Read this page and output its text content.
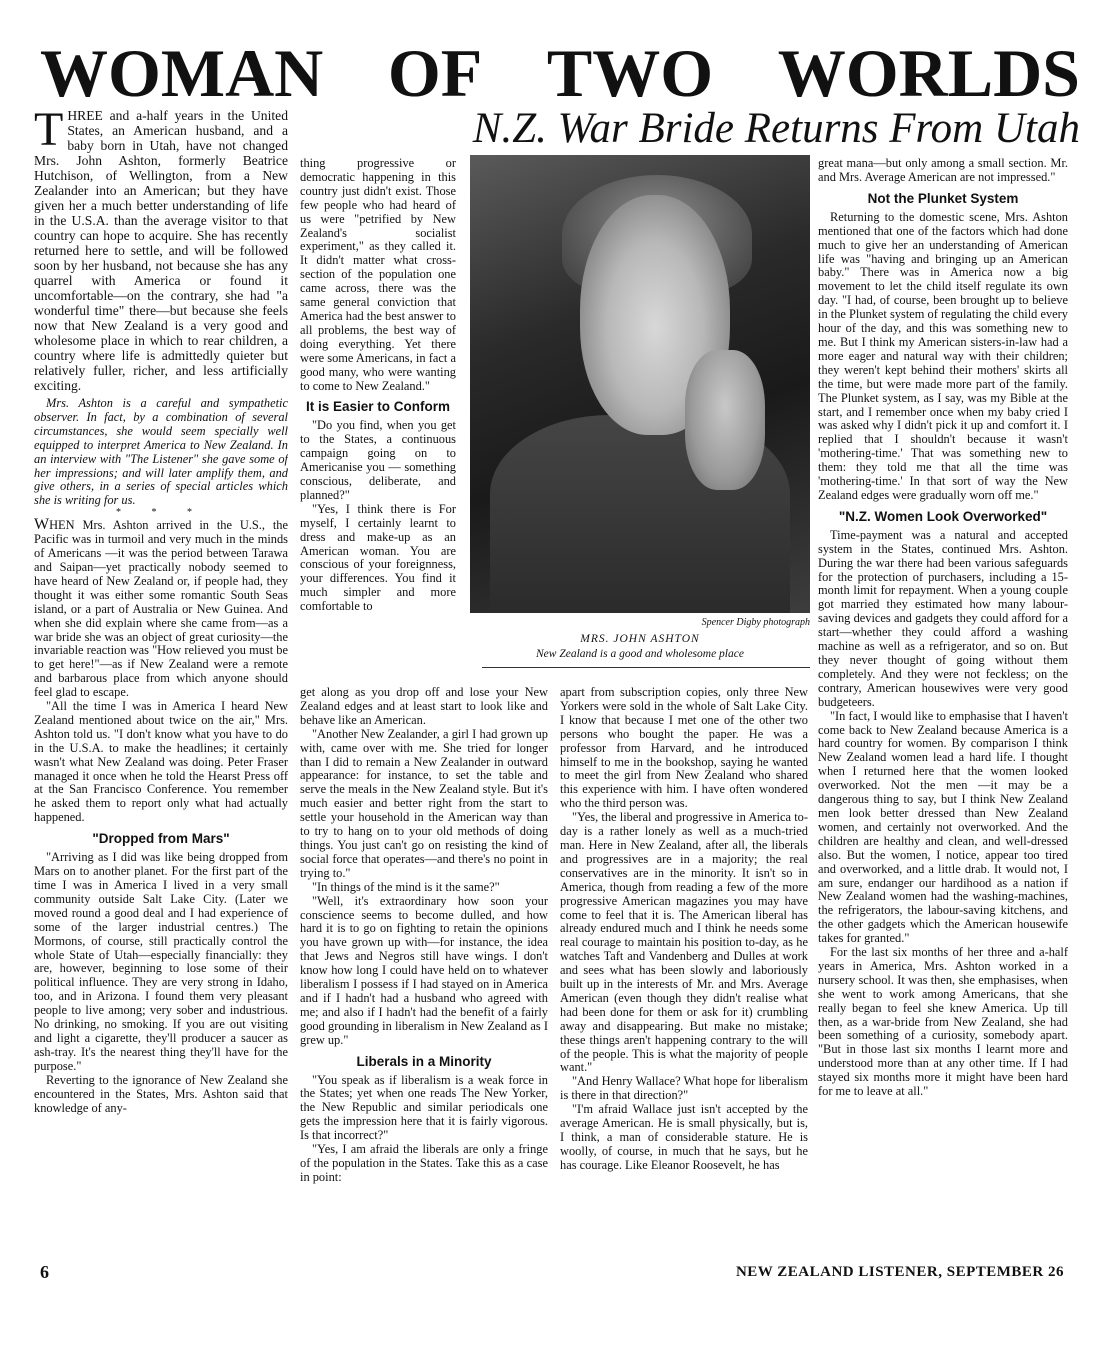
WOMAN OF TWO WORLDS
N.Z. War Bride Returns From Utah

THREE and a-half years in the United States, an American husband, and a baby born in Utah, have not changed Mrs. John Ashton, formerly Beatrice Hutchison, of Wellington, from a New Zealander into an American; but they have given her a much better understanding of life in the U.S.A. than the average visitor to that country can hope to acquire. She has recently returned here to settle, and will be followed soon by her husband, not because she has any quarrel with America or found it uncomfortable—on the contrary, she had "a wonderful time" there—but because she feels now that New Zealand is a very good and wholesome place in which to rear children, a country where life is admittedly quieter but relatively fuller, richer, and less artificially exciting.

Mrs. Ashton is a careful and sympathetic observer. In fact, by a combination of several circumstances, she would seem specially well equipped to interpret America to New Zealand. In an interview with "The Listener" she gave some of her impressions; and will later amplify them, and give others, in a series of special articles which she is writing for us.

* * *

WHEN Mrs. Ashton arrived in the U.S., the Pacific was in turmoil and very much in the minds of Americans —it was the period between Tarawa and Saipan—yet practically nobody seemed to have heard of New Zealand or, if people had, they thought it was either some romantic South Seas island, or a part of Australia or New Guinea. And when she did explain where she came from—as a war bride she was an object of great curiosity—the invariable reaction was "How relieved you must be to get here!"—as if New Zealand were a remote and barbarous place from which anyone should feel glad to escape.

"All the time I was in America I heard New Zealand mentioned about twice on the air," Mrs. Ashton told us. "I don't know what you have to do in the U.S.A. to make the headlines; it certainly wasn't what New Zealand was doing. Peter Fraser managed it once when he told the Hearst Press off at the San Francisco Conference. You remember he asked them to report only what had actually happened.

"Dropped from Mars"

"Arriving as I did was like being dropped from Mars on to another planet. For the first part of the time I was in America I lived in a very small community outside Salt Lake City. (Later we moved round a good deal and I had experience of some of the larger industrial centres.) The Mormons, of course, still practically control the whole State of Utah—especially financially: they are, however, beginning to lose some of their political influence. They are very strong in Idaho, too, and in Arizona. I found them very pleasant people to live among; very sober and industrious. No drinking, no smoking. If you are out visiting and light a cigarette, they'll producer a saucer as ash-tray. It's the nearest thing they'll have for the purpose."

Reverting to the ignorance of New Zealand she encountered in the States, Mrs. Ashton said that knowledge of any-

thing progressive or democratic happening in this country just didn't exist. Those few people who had heard of us were "petrified by New Zealand's socialist experiment," as they called it. It didn't matter what cross-section of the population one came across, there was the same general conviction that America had the best answer to all problems, the best way of doing everything. Yet there were some Americans, in fact a good many, who were wanting to come to New Zealand."

It is Easier to Conform

"Do you find, when you get to the States, a continuous campaign going on to Americanise you — something conscious, deliberate, and planned?"

"Yes, I think there is For myself, I certainly learnt to dress and make-up as an American woman. You are conscious of your foreignness, your differences. You find it much simpler and more comfortable to

Spencer Digby photograph

MRS. JOHN ASHTON

New Zealand is a good and wholesome place

get along as you drop off and lose your New Zealand edges and at least start to look like and behave like an American.

"Another New Zealander, a girl I had grown up with, came over with me. She tried for longer than I did to remain a New Zealander in outward appearance: for instance, to set the table and serve the meals in the New Zealand style. But it's much easier and better right from the start to settle your household in the American way than to try to hang on to your old methods of doing things. You just can't go on resisting the kind of social force that operates—and there's no point in trying to."

"In things of the mind is it the same?"

"Well, it's extraordinary how soon your conscience seems to become dulled, and how hard it is to go on fighting to retain the opinions you have grown up with—for instance, the idea that Jews and Negros still have wings. I don't know how long I could have held on to whatever liberalism I possess if I had stayed on in America and if I hadn't had a husband who agreed with me; and also if I hadn't had the benefit of a fairly good grounding in liberalism in New Zealand as I grew up."

Liberals in a Minority

"You speak as if liberalism is a weak force in the States; yet when one reads The New Yorker, the New Republic and similar periodicals one gets the impression here that it is fairly vigorous. Is that incorrect?"

"Yes, I am afraid the liberals are only a fringe of the population in the States. Take this as a case in point:

apart from subscription copies, only three New Yorkers were sold in the whole of Salt Lake City. I know that because I met one of the other two persons who bought the paper. He was a professor from Harvard, and he introduced himself to me in the bookshop, saying he wanted to meet the girl from New Zealand who shared this experience with him. I have often wondered who the third person was.

"Yes, the liberal and progressive in America to-day is a rather lonely as well as a much-tried man. Here in New Zealand, after all, the liberals and progressives are in a majority; the real conservatives are in the minority. It isn't so in America, though from reading a few of the more progressive American magazines you may have come to feel that it is. The American liberal has already endured much and I think he needs some real courage to maintain his position to-day, as he watches Taft and Vandenberg and Dulles at work and sees what has been slowly and laboriously built up in the interests of Mr. and Mrs. Average American (even though they didn't realise what had been done for them or ask for it) crumbling away and disappearing. But make no mistake; these things aren't happening contrary to the will of the people. This is what the majority of people want."

"And Henry Wallace? What hope for liberalism is there in that direction?"

"I'm afraid Wallace just isn't accepted by the average American. He is small physically, but is, I think, a man of considerable stature. He is woolly, of course, in much that he says, but he has courage. Like Eleanor Roosevelt, he has

great mana—but only among a small section. Mr. and Mrs. Average American are not impressed."

Not the Plunket System

Returning to the domestic scene, Mrs. Ashton mentioned that one of the factors which had done much to give her an understanding of American life was "having and bringing up an American baby." There was in America now a big movement to let the child itself regulate its own day. "I had, of course, been brought up to believe in the Plunket system of regulating the child every hour of the day, and this was something new to me. But I think my American sisters-in-law had a more eager and natural way with their children; they weren't kept behind their mothers' skirts all the time, but were made more part of the family. The Plunket system, as I say, was my Bible at the start, and I remember once when my baby cried I was asked why I didn't pick it up and comfort it. I replied that I shouldn't because it wasn't 'mothering-time.' That was something new to them: they told me that all the time was 'mothering-time.' In that sort of way the New Zealand edges were gradually worn off me."

"N.Z. Women Look Overworked"

Time-payment was a natural and accepted system in the States, continued Mrs. Ashton. During the war there had been various safeguards for the protection of purchasers, including a 15-month limit for repayment. When a young couple got married they estimated how many labour-saving devices and gadgets they could afford for a start—whether they could afford a washing machine as well as a refrigerator, and so on. But they never thought of going without them completely. And they were not feckless; on the contrary, American housewives were very good budgeteers.

"In fact, I would like to emphasise that I haven't come back to New Zealand because America is a hard country for women. By comparison I think New Zealand women lead a hard life. I thought when I returned here that the women looked overworked. Not the men —it may be a dangerous thing to say, but I think New Zealand men look better dressed than New Zealand women, and certainly not overworked. And the children are healthy and clean, and well-dressed also. But the women, I notice, appear too tired and overworked, and a little drab. It would not, I am sure, endanger our hardihood as a nation if New Zealand women had the washing-machines, the refrigerators, the labour-saving kitchens, and the other gadgets which the American housewife takes for granted."

For the last six months of her three and a-half years in America, Mrs. Ashton worked in a nursery school. It was then, she emphasises, when she went to work among Americans, that she really began to feel she knew America. Up till then, as a war-bride from New Zealand, she had been something of a curiosity, somebody apart. "But in those last six months I learnt more and understood more than at any other time. If I had stayed six months more it might have been hard for me to leave at all."

6	NEW ZEALAND LISTENER, SEPTEMBER 26
